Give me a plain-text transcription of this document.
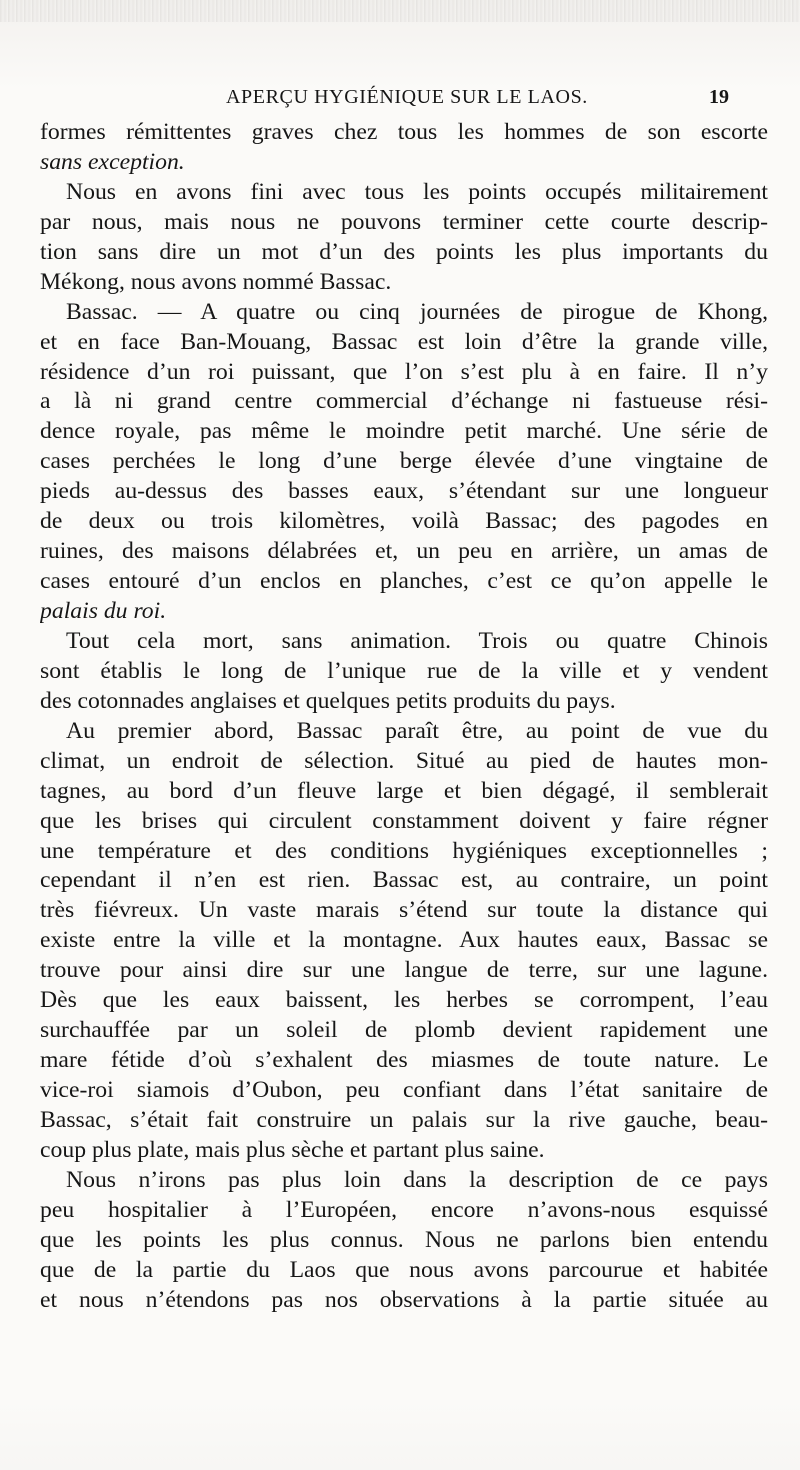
APERÇU HYGIÉNIQUE SUR LE LAOS.	19
formes rémittentes graves chez tous les hommes de son escorte
sans exception.
Nous en avons fini avec tous les points occupés militairement
par nous, mais nous ne pouvons terminer cette courte descrip-
tion sans dire un mot d’un des points les plus importants du
Mékong, nous avons nommé Bassac.
Bassac. — A quatre ou cinq journées de pirogue de Khong,
et en face Ban-Mouang, Bassac est loin d’être la grande ville,
résidence d’un roi puissant, que l’on s’est plu à en faire. Il n’y
a là ni grand centre commercial d’échange ni fastueuse rési-
dence royale, pas même le moindre petit marché. Une série de
cases perchées le long d’une berge élevée d’une vingtaine de
pieds au-dessus des basses eaux, s’étendant sur une longueur
de deux ou trois kilomètres, voilà Bassac; des pagodes en
ruines, des maisons délabrées et, un peu en arrière, un amas de
cases entouré d’un enclos en planches, c’est ce qu’on appelle le
palais du roi.
Tout cela mort, sans animation. Trois ou quatre Chinois
sont établis le long de l’unique rue de la ville et y vendent
des cotonnades anglaises et quelques petits produits du pays.
Au premier abord, Bassac paraît être, au point de vue du
climat, un endroit de sélection. Situé au pied de hautes mon-
tagnes, au bord d’un fleuve large et bien dégagé, il semblerait
que les brises qui circulent constamment doivent y faire régner
une température et des conditions hygiéniques exceptionnelles ;
cependant il n’en est rien. Bassac est, au contraire, un point
très fiévreux. Un vaste marais s’étend sur toute la distance qui
existe entre la ville et la montagne. Aux hautes eaux, Bassac se
trouve pour ainsi dire sur une langue de terre, sur une lagune.
Dès que les eaux baissent, les herbes se corrompent, l’eau
surchauffée par un soleil de plomb devient rapidement une
mare fétide d’où s’exhalent des miasmes de toute nature. Le
vice-roi siamois d’Oubon, peu confiant dans l’état sanitaire de
Bassac, s’était fait construire un palais sur la rive gauche, beau-
coup plus plate, mais plus sèche et partant plus saine.
Nous n’irons pas plus loin dans la description de ce pays
peu hospitalier à l’Européen, encore n’avons-nous esquissé
que les points les plus connus. Nous ne parlons bien entendu
que de la partie du Laos que nous avons parcourue et habitée
et nous n’étendons pas nos observations à la partie située au
